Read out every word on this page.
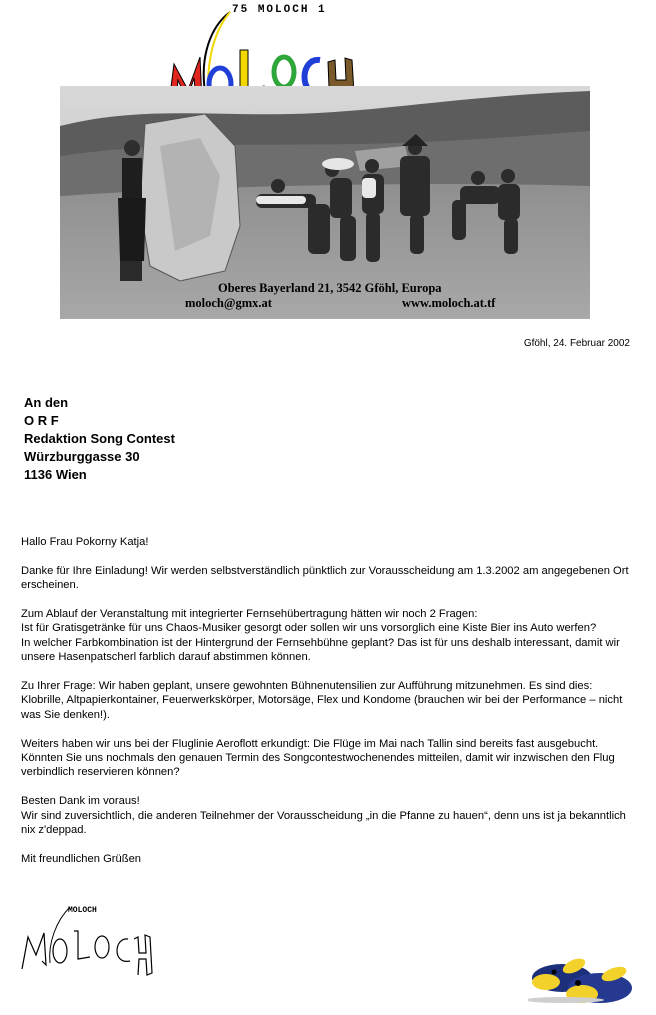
75 MOLOCH 1
Oberes Bayerland 21, 3542 Gföhl, Europa
moloch@gmx.at	www.moloch.at.tf
Gföhl, 24. Februar 2002
An den
O R F
Redaktion Song Contest
Würzburggasse 30
1136 Wien

Hallo Frau Pokorny Katja!

Danke für Ihre Einladung! Wir werden selbstverständlich pünktlich zur Vorausscheidung am 1.3.2002 am angegebenen Ort erscheinen.

Zum Ablauf der Veranstaltung mit integrierter Fernsehübertragung hätten wir noch 2 Fragen:
Ist für Gratisgetränke für uns Chaos-Musiker gesorgt oder sollen wir uns vorsorglich eine Kiste Bier ins Auto werfen?
In welcher Farbkombination ist der Hintergrund der Fernsehbühne geplant? Das ist für uns deshalb interessant, damit wir unsere Hasenpatscherl farblich darauf abstimmen können.

Zu Ihrer Frage: Wir haben geplant, unsere gewohnten Bühnenutensilien zur Aufführung mitzunehmen. Es sind dies: Klobrille, Altpapierkontainer, Feuerwerkskörper, Motorsäge, Flex und Kondome (brauchen wir bei der Performance – nicht was Sie denken!).

Weiters haben wir uns bei der Fluglinie Aeroflott erkundigt: Die Flüge im Mai nach Tallin sind bereits fast ausgebucht. Könnten Sie uns nochmals den genauen Termin des Songcontestwochenendes mitteilen, damit wir inzwischen den Flug verbindlich reservieren können?

Besten Dank im voraus!
Wir sind zuversichtlich, die anderen Teilnehmer der Vorausscheidung „in die Pfanne zu hauen“, denn uns ist ja bekanntlich nix z'deppad.

Mit freundlichen Grüßen

MOLOCH
